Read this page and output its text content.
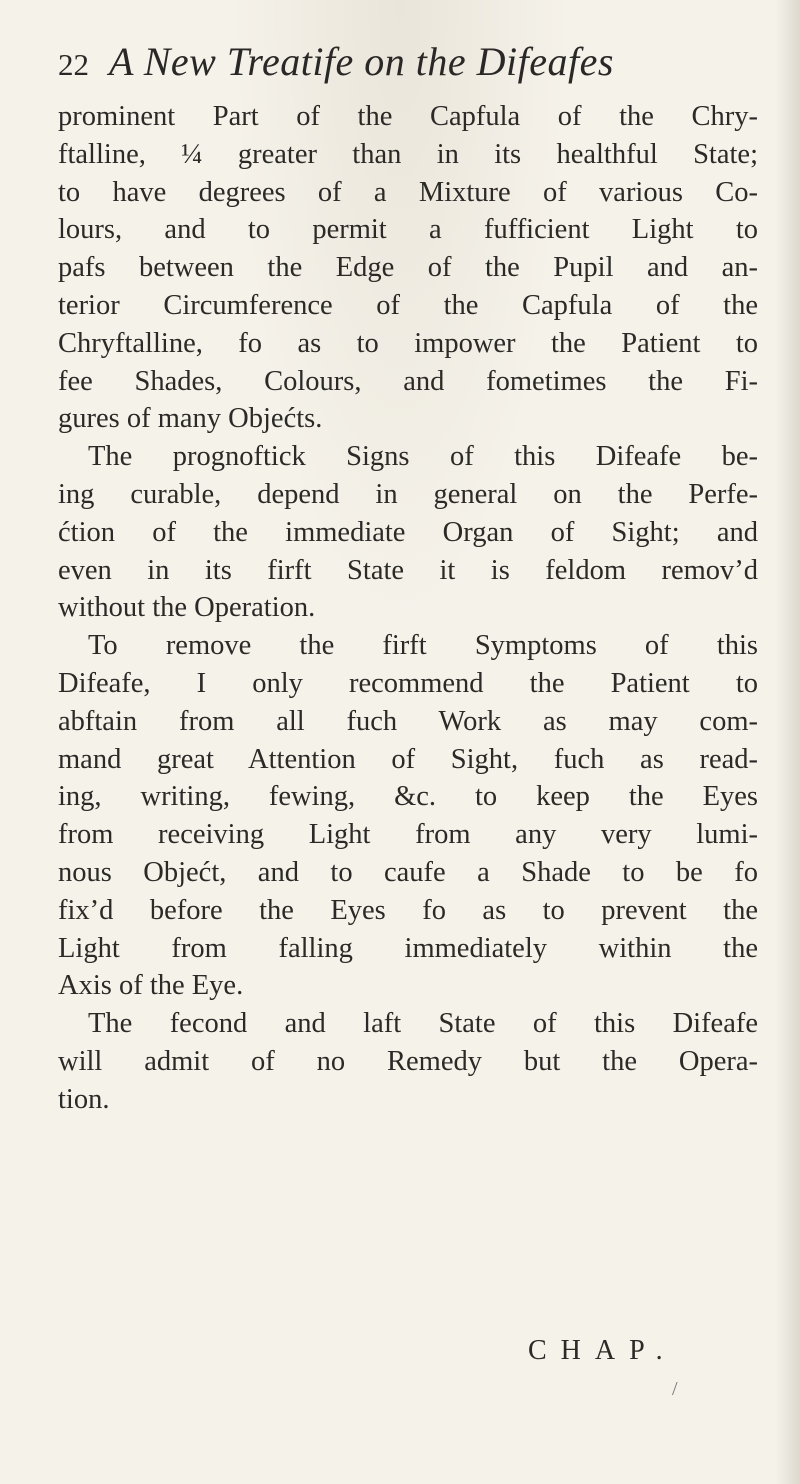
22 A New Treatife on the Difeafes
prominent Part of the Capfula of the Chry-
ftalline, ¼ greater than in its healthful State;
to have degrees of a Mixture of various Co-
lours, and to permit a fufficient Light to
pafs between the Edge of the Pupil and an-
terior Circumference of the Capfula of the
Chryftalline, fo as to impower the Patient to
fee Shades, Colours, and fometimes the Fi-
gures of many Objećts.
The prognoftick Signs of this Difeafe be-
ing curable, depend in general on the Perfe-
ćtion of the immediate Organ of Sight; and
even in its firft State it is feldom remov’d
without the Operation.
To remove the firft Symptoms of this
Difeafe, I only recommend the Patient to
abftain from all fuch Work as may com-
mand great Attention of Sight, fuch as read-
ing, writing, fewing, &c. to keep the Eyes
from receiving Light from any very lumi-
nous Objećt, and to caufe a Shade to be fo
fix’d before the Eyes fo as to prevent the
Light from falling immediately within the
Axis of the Eye.
The fecond and laft State of this Difeafe
will admit of no Remedy but the Opera-
tion.
CHAP.
/
